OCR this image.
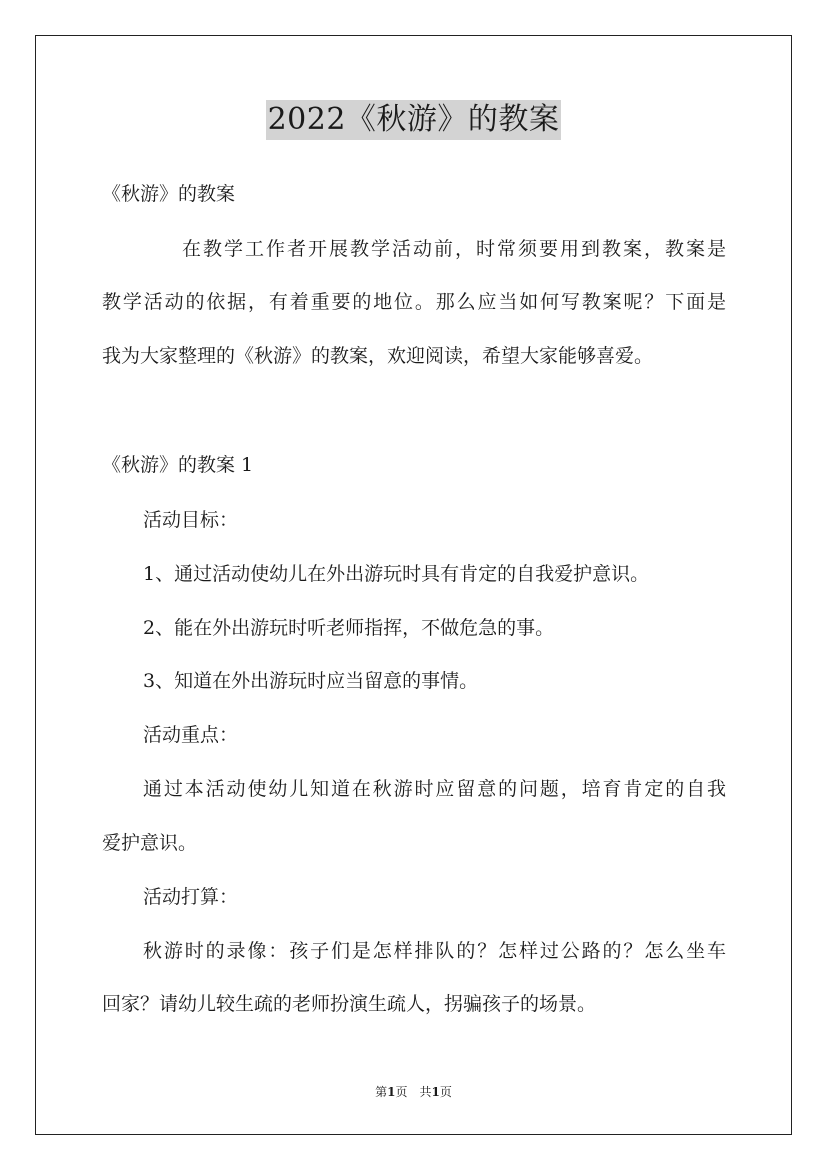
2022《秋游》的教案
《秋游》的教案
在教学工作者开展教学活动前，时常须要用到教案，教案是
教学活动的依据，有着重要的地位。那么应当如何写教案呢？下面是
我为大家整理的《秋游》的教案，欢迎阅读，希望大家能够喜爱。
《秋游》的教案 1
活动目标：
1、通过活动使幼儿在外出游玩时具有肯定的自我爱护意识。
2、能在外出游玩时听老师指挥，不做危急的事。
3、知道在外出游玩时应当留意的事情。
活动重点：
通过本活动使幼儿知道在秋游时应留意的问题，培育肯定的自我
爱护意识。
活动打算：
秋游时的录像：孩子们是怎样排队的？怎样过公路的？怎么坐车
回家？请幼儿较生疏的老师扮演生疏人，拐骗孩子的场景。
第1页　共1页
